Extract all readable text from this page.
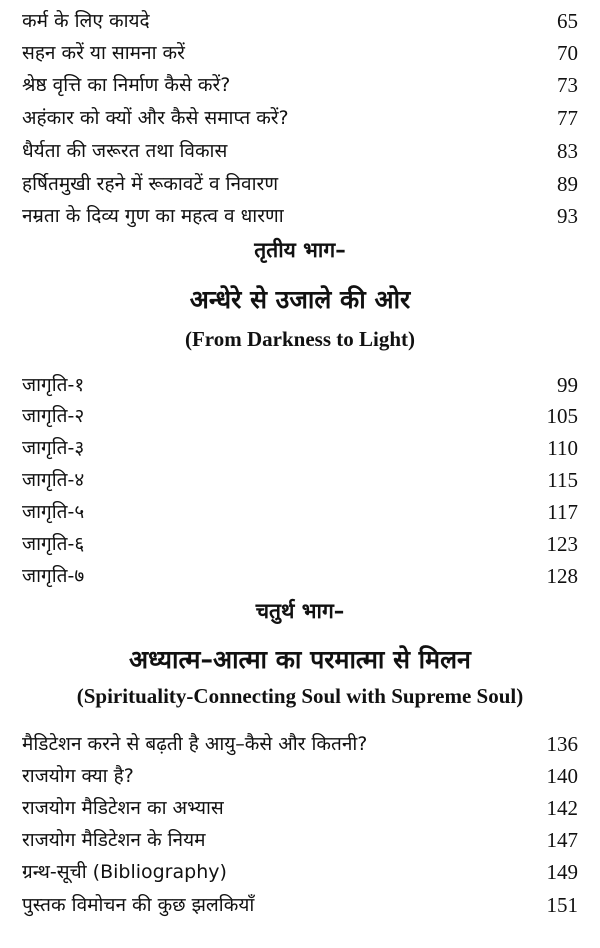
कर्म के लिए कायदे	65
सहन करें या सामना करें	70
श्रेष्ठ वृत्ति का निर्माण कैसे करें?	73
अहंकार को क्यों और कैसे समाप्त करें?	77
धैर्यता की जरूरत तथा विकास	83
हर्षितमुखी रहने में रूकावटें व निवारण	89
नम्रता के दिव्य गुण का महत्व व धारणा	93
तृतीय भाग–
अन्धेरे से उजाले की ओर
(From Darkness to Light)
जागृति-१	99
जागृति-२	105
जागृति-३	110
जागृति-४	115
जागृति-५	117
जागृति-६	123
जागृति-७	128
चतुर्थ भाग–
अध्यात्म–आत्मा का परमात्मा से मिलन
(Spirituality-Connecting Soul with Supreme Soul)
मैडिटेशन करने से बढ़ती है आयु–कैसे और कितनी?	136
राजयोग क्या है?	140
राजयोग मैडिटेशन का अभ्यास	142
राजयोग मैडिटेशन के नियम	147
ग्रन्थ-सूची (Bibliography)	149
पुस्तक विमोचन की कुछ झलकियाँ	151
